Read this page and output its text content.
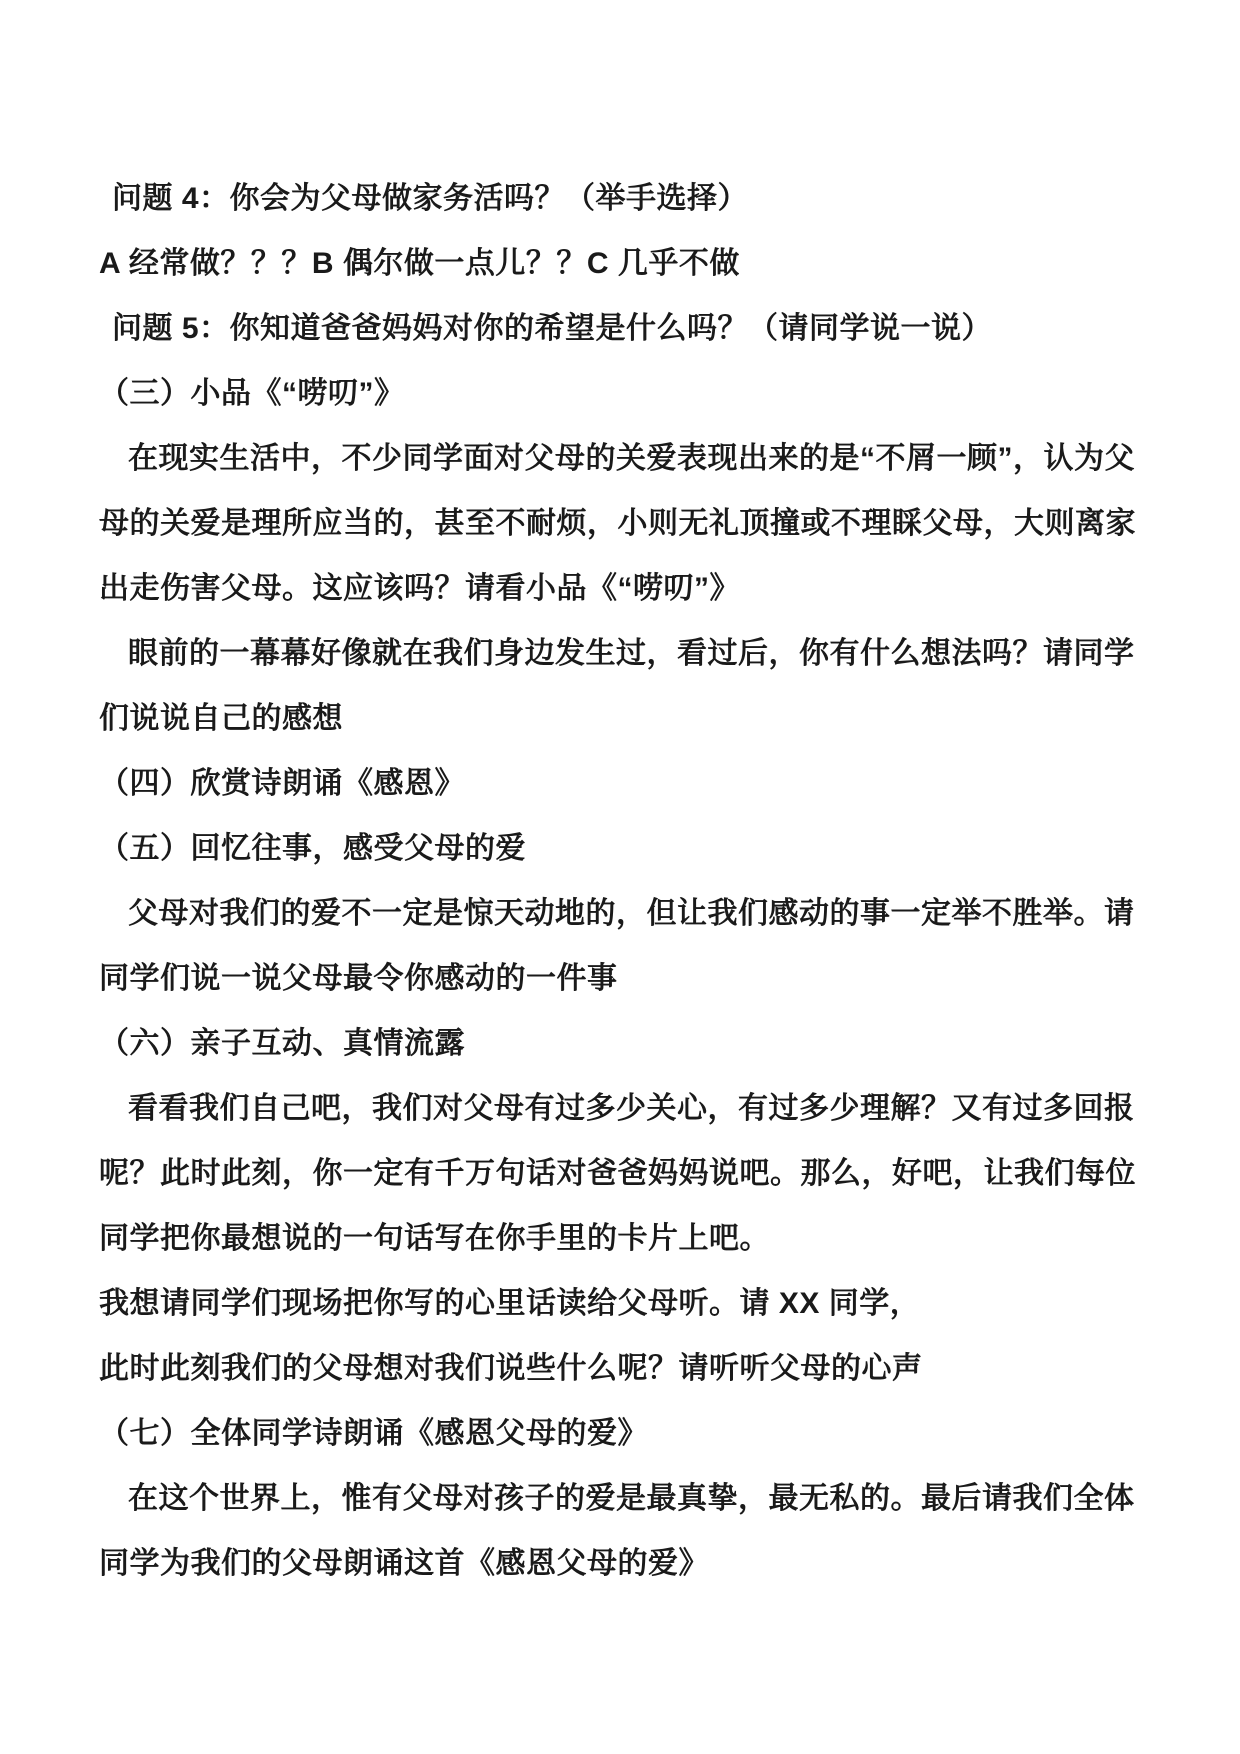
问题 4：你会为父母做家务活吗？（举手选择）
A 经常做？？？B 偶尔做一点儿？？C 几乎不做
问题 5：你知道爸爸妈妈对你的希望是什么吗？（请同学说一说）
（三）小品《“唠叨”》
在现实生活中，不少同学面对父母的关爱表现出来的是“不屑一顾”，认为父
母的关爱是理所应当的，甚至不耐烦，小则无礼顶撞或不理睬父母，大则离家
出走伤害父母。这应该吗？请看小品《“唠叨”》
眼前的一幕幕好像就在我们身边发生过，看过后，你有什么想法吗？请同学
们说说自己的感想
（四）欣赏诗朗诵《感恩》
（五）回忆往事，感受父母的爱
父母对我们的爱不一定是惊天动地的，但让我们感动的事一定举不胜举。请
同学们说一说父母最令你感动的一件事
（六）亲子互动、真情流露
看看我们自己吧，我们对父母有过多少关心，有过多少理解？又有过多回报
呢？此时此刻，你一定有千万句话对爸爸妈妈说吧。那么，好吧，让我们每位
同学把你最想说的一句话写在你手里的卡片上吧。
我想请同学们现场把你写的心里话读给父母听。请 XX 同学，
此时此刻我们的父母想对我们说些什么呢？请听听父母的心声
（七）全体同学诗朗诵《感恩父母的爱》
在这个世界上，惟有父母对孩子的爱是最真挚，最无私的。最后请我们全体
同学为我们的父母朗诵这首《感恩父母的爱》
